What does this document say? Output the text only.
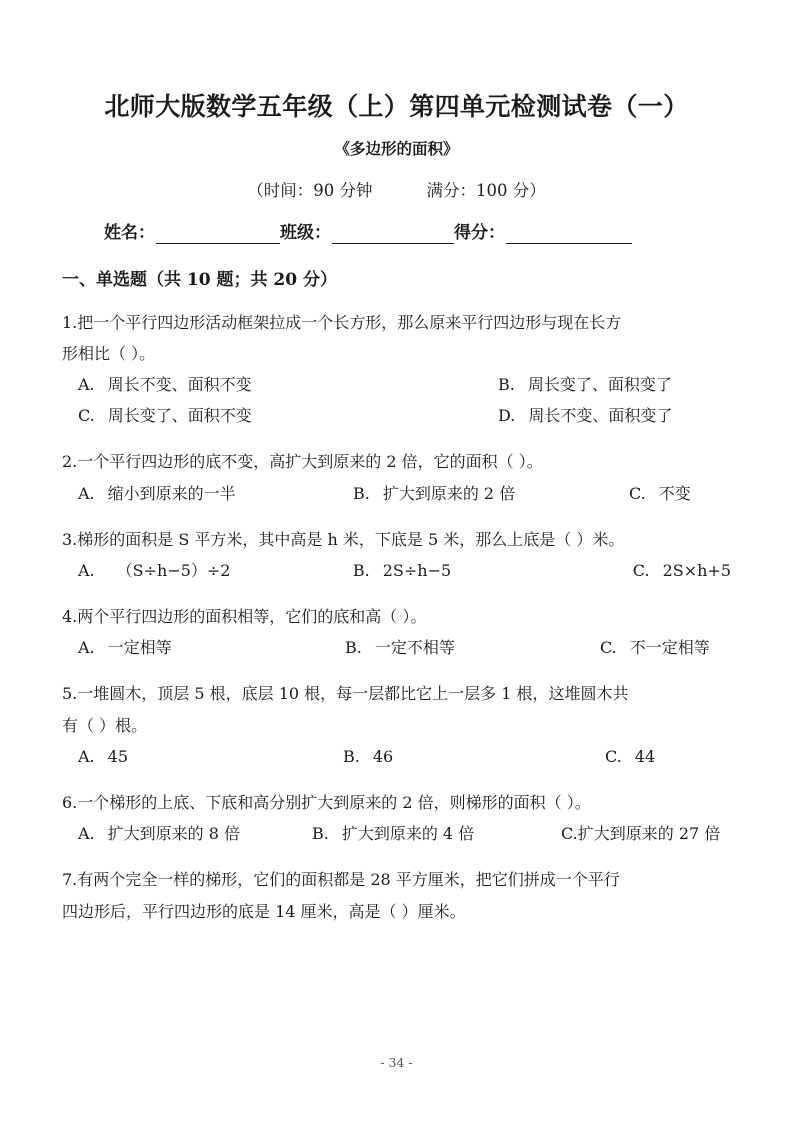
北师大版数学五年级（上）第四单元检测试卷（一）
《多边形的面积》
（时间：90 分钟	满分：100 分）
姓名：	班级：	得分：
一、单选题（共 10 题；共 20 分）
1.把一个平行四边形活动框架拉成一个长方形，那么原来平行四边形与现在长方
形相比（ ）。
A. 周长不变、面积不变	B. 周长变了、面积变了
C. 周长变了、面积不变	D. 周长不变、面积变了
2.一个平行四边形的底不变，高扩大到原来的 2 倍，它的面积（ ）。
A. 缩小到原来的一半	B. 扩大到原来的 2 倍	C. 不变
3.梯形的面积是 S 平方米，其中高是 h 米，下底是 5 米，那么上底是（ ）米。
A. （S÷h−5）÷2	B. 2S÷h−5	C. 2S×h+5
4.两个平行四边形的面积相等，它们的底和高（ ）。
A. 一定相等	B. 一定不相等	C. 不一定相等
5.一堆圆木，顶层 5 根，底层 10 根，每一层都比它上一层多 1 根，这堆圆木共
有（ ）根。
A. 45	B. 46	C. 44
6.一个梯形的上底、下底和高分别扩大到原来的 2 倍，则梯形的面积（ ）。
A. 扩大到原来的 8 倍	B. 扩大到原来的 4 倍	C.扩大到原来的 27 倍
7.有两个完全一样的梯形，它们的面积都是 28 平方厘米，把它们拼成一个平行
四边形后，平行四边形的底是 14 厘米，高是（ ）厘米。
- 34 -
